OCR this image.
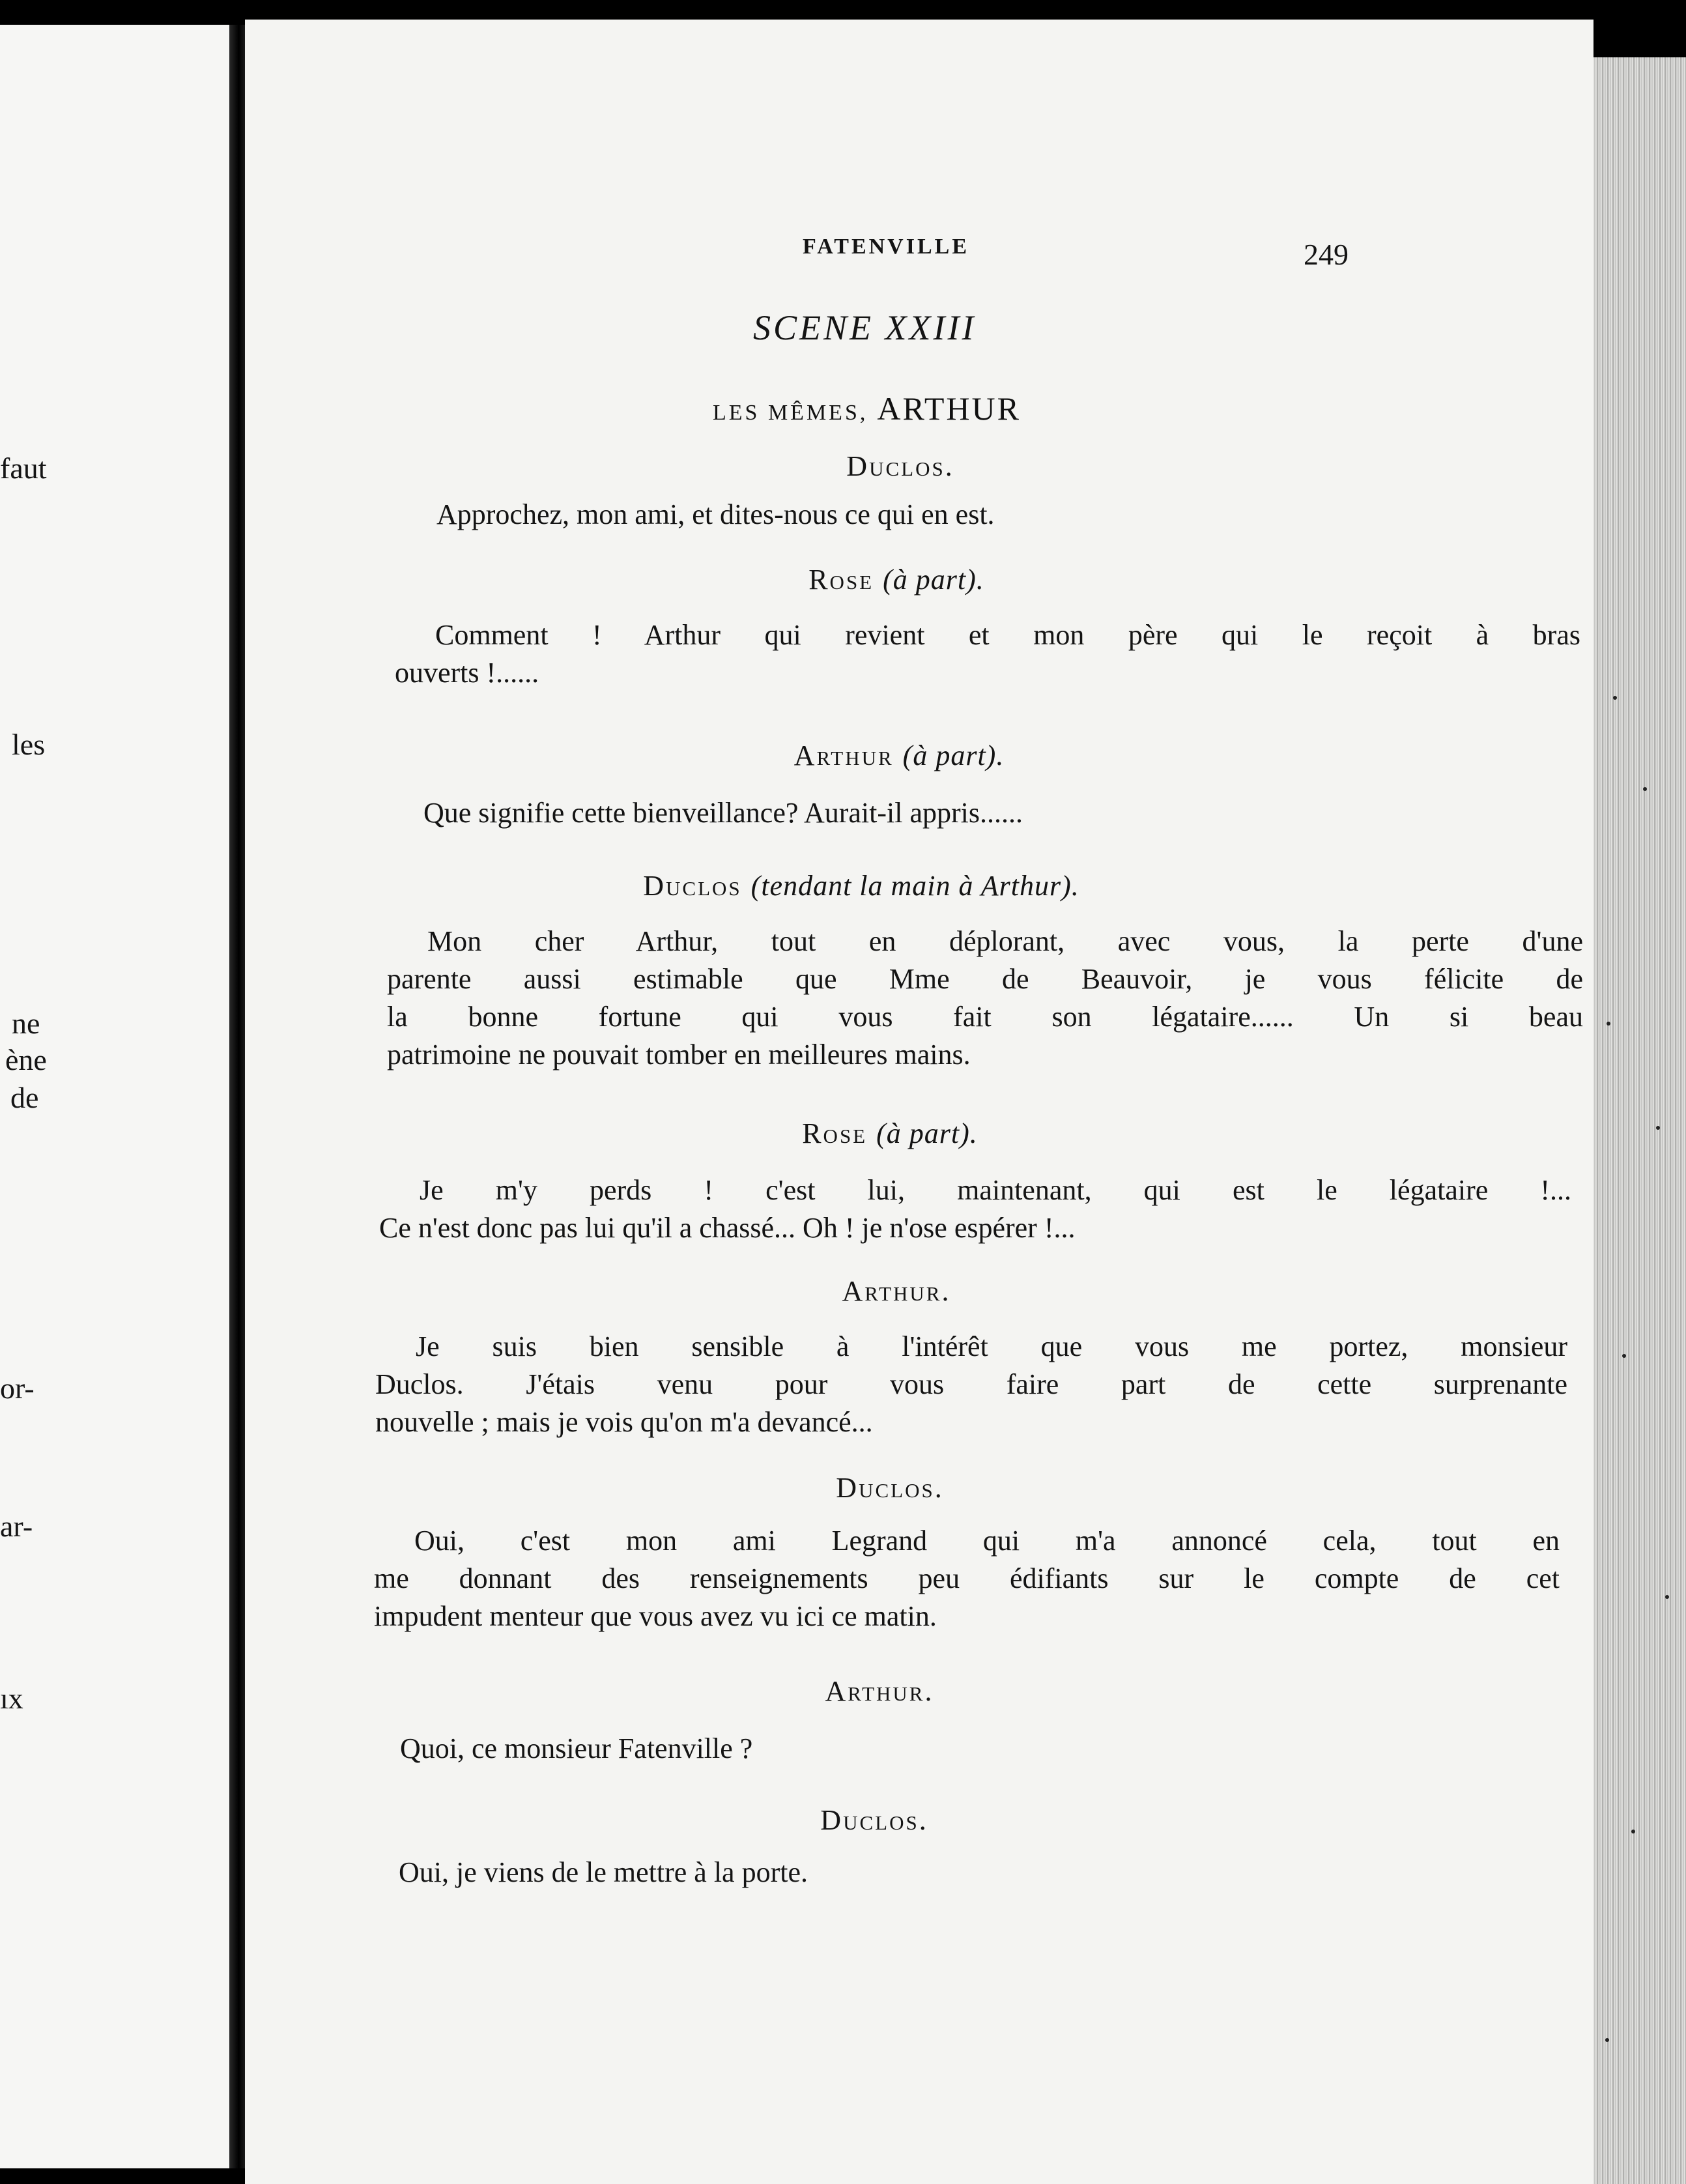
faut
les
ne
ène
de
or-
ar-
ıx
FATENVILLE	249
SCENE XXIII
LES MÊMES, ARTHUR
Duclos.
Approchez, mon ami, et dites-nous ce qui en est.
Rose (à part).
Comment ! Arthur qui revient et mon père qui le reçoit à bras
ouverts !......
Arthur (à part).
Que signifie cette bienveillance? Aurait-il appris......
Duclos (tendant la main à Arthur).
Mon cher Arthur, tout en déplorant, avec vous, la perte d'une
parente aussi estimable que Mme de Beauvoir, je vous félicite de
la bonne fortune qui vous fait son légataire...... Un si beau
patrimoine ne pouvait tomber en meilleures mains.
Rose (à part).
Je m'y perds ! c'est lui, maintenant, qui est le légataire !...
Ce n'est donc pas lui qu'il a chassé... Oh ! je n'ose espérer !...
Arthur.
Je suis bien sensible à l'intérêt que vous me portez, monsieur
Duclos. J'étais venu pour vous faire part de cette surprenante
nouvelle ; mais je vois qu'on m'a devancé...
Duclos.
Oui, c'est mon ami Legrand qui m'a annoncé cela, tout en
me donnant des renseignements peu édifiants sur le compte de cet
impudent menteur que vous avez vu ici ce matin.
Arthur.
Quoi, ce monsieur Fatenville ?
Duclos.
Oui, je viens de le mettre à la porte.
